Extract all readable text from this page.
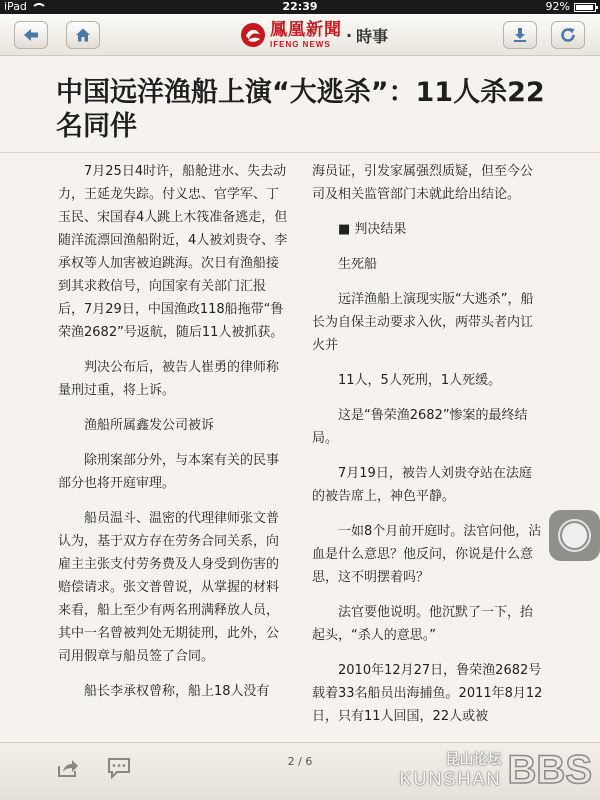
iPad	22:39	92%
鳳凰新聞
IFENG NEWS · 時事
中国远洋渔船上演“大逃杀”：11人杀22名同伴

7月25日4时许，船舱进水、失去动力，王延龙失踪。付义忠、官学军、丁玉民、宋国春4人跳上木筏准备逃走，但随洋流漂回渔船附近，4人被刘贵夺、李承权等人加害被迫跳海。次日有渔船接到其求救信号，向国家有关部门汇报后，7月29日，中国渔政118船拖带“鲁荣渔2682”号返航，随后11人被抓获。

判决公布后，被告人崔勇的律师称量刑过重，将上诉。

渔船所属鑫发公司被诉

除刑案部分外，与本案有关的民事部分也将开庭审理。

船员温斗、温密的代理律师张文普认为，基于双方存在劳务合同关系，向雇主主张支付劳务费及人身受到伤害的赔偿请求。张文普曾说，从掌握的材料来看，船上至少有两名刑满释放人员，其中一名曾被判处无期徒刑，此外，公司用假章与船员签了合同。

船长李承权曾称，船上18人没有

海员证，引发家属强烈质疑，但至今公司及相关监管部门未就此给出结论。

■ 判决结果

生死船

远洋渔船上演现实版“大逃杀”，船长为自保主动要求入伙，两带头者内讧火并

11人，5人死刑，1人死缓。

这是“鲁荣渔2682”惨案的最终结局。

7月19日，被告人刘贵夺站在法庭的被告席上，神色平静。

一如8个月前开庭时。法官问他，沾血是什么意思？他反问，你说是什么意思，这不明摆着吗？

法官要他说明。他沉默了一下，抬起头，“杀人的意思。”

2010年12月27日，鲁荣渔2682号载着33名船员出海捕鱼。2011年8月12日，只有11人回国，22人或被

2 / 6	昆山论坛
KUNSHAN BBS
